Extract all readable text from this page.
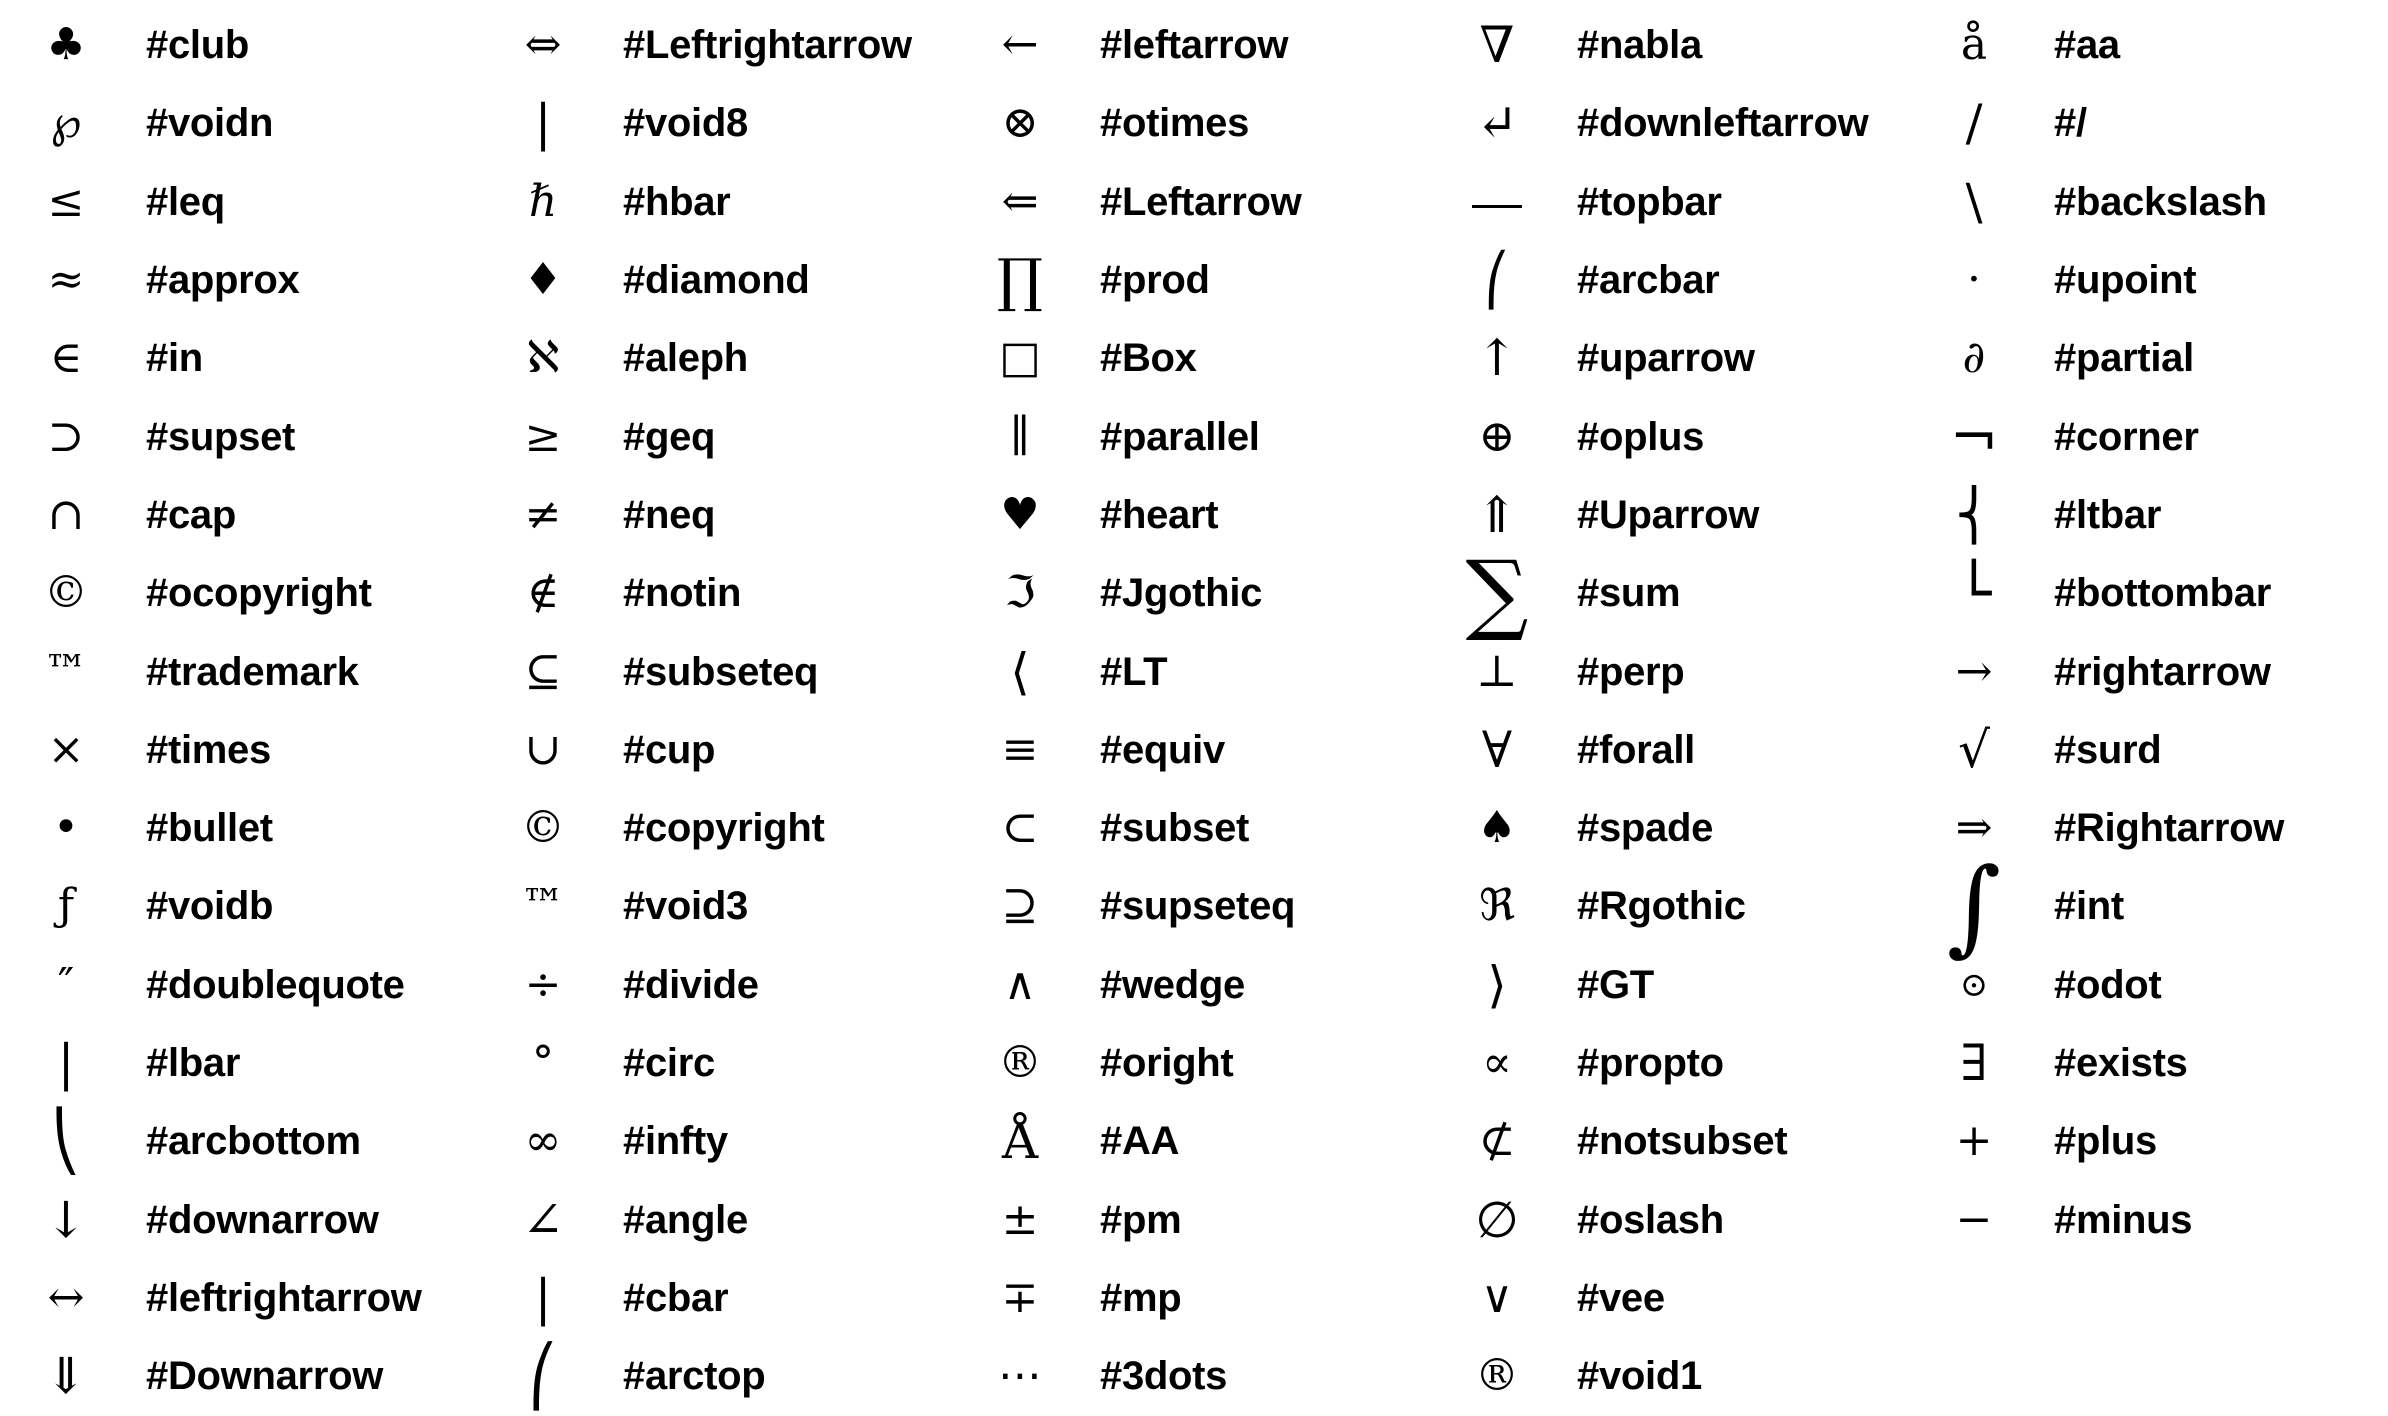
♣	#club
℘	#voidn
≤	#leq
≈	#approx
∈	#in
⊃	#supset
∩	#cap
©	#ocopyright
™	#trademark
×	#times
•	#bullet
ƒ	#voidb
″	#doublequote
|	#lbar
⎝	#arcbottom
↓	#downarrow
↔	#leftrightarrow
⇓	#Downarrow
⇔	#Leftrightarrow
|	#void8
ℏ	#hbar
♦	#diamond
ℵ	#aleph
≥	#geq
≠	#neq
∉	#notin
⊆	#subseteq
∪	#cup
©	#copyright
™	#void3
÷	#divide
°	#circ
∞	#infty
∠	#angle
|	#cbar
⎛	#arctop
←	#leftarrow
⊗	#otimes
⇐	#Leftarrow
∏	#prod
□	#Box
∥	#parallel
♥	#heart
ℑ	#Jgothic
⟨	#LT
≡	#equiv
⊂	#subset
⊇	#supseteq
∧	#wedge
®	#oright
Å	#AA
±	#pm
∓	#mp
⋯	#3dots
∇	#nabla
↵	#downleftarrow
⎯⎯	#topbar
⎛	#arcbar
↑	#uparrow
⊕	#oplus
⇑	#Uparrow
∑	#sum
⊥	#perp
∀	#forall
♠	#spade
ℜ	#Rgothic
⟩	#GT
∝	#propto
⊄	#notsubset
∅	#oslash
∨	#vee
®	#void1
å	#aa
∕	#/
\	#backslash
·	#upoint
∂	#partial
¬	#corner
⎨	#ltbar
└	#bottombar
→	#rightarrow
√	#surd
⇒	#Rightarrow
∫	#int
⊙	#odot
∃	#exists
+	#plus
−	#minus
